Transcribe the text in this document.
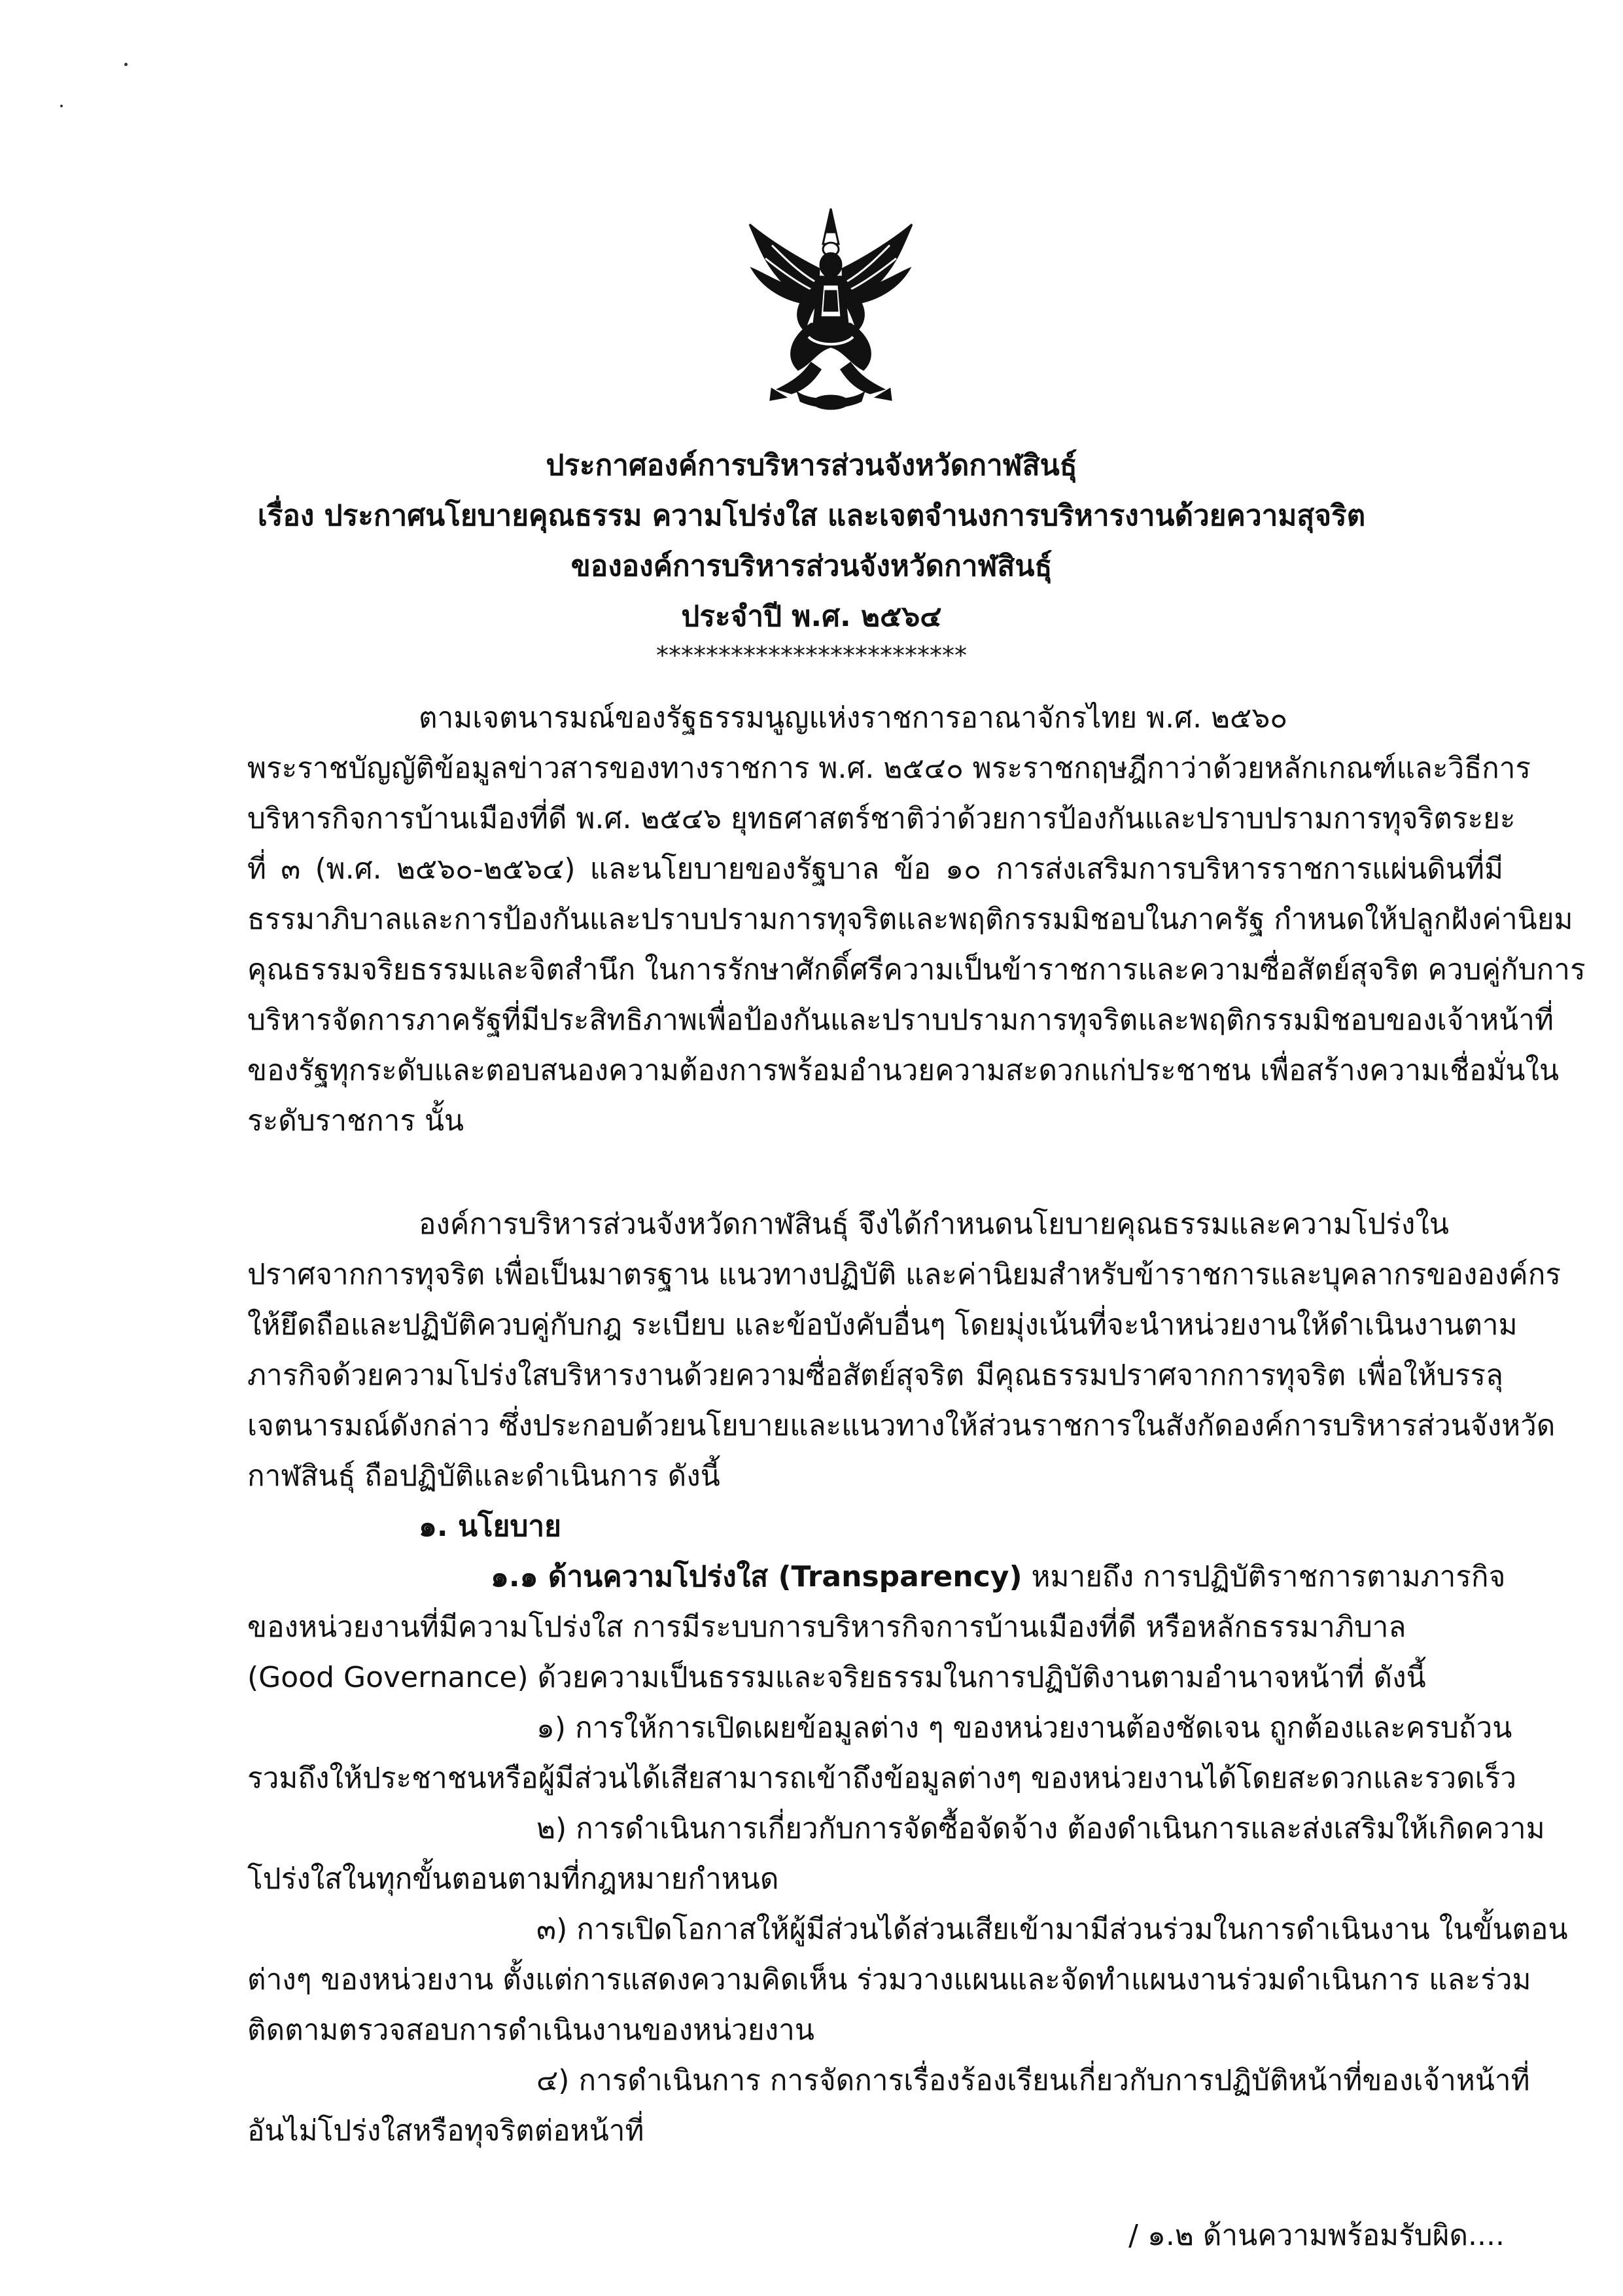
ประกาศองค์การบริหารส่วนจังหวัดกาฬสินธุ์
เรื่อง ประกาศนโยบายคุณธรรม ความโปร่งใส และเจตจำนงการบริหารงานด้วยความสุจริต
ขององค์การบริหารส่วนจังหวัดกาฬสินธุ์
ประจำปี พ.ศ. ๒๕๖๔
*************************
ตามเจตนารมณ์ของรัฐธรรมนูญแห่งราชการอาณาจักรไทย พ.ศ. ๒๕๖๐
พระราชบัญญัติข้อมูลข่าวสารของทางราชการ พ.ศ. ๒๕๔๐ พระราชกฤษฎีกาว่าด้วยหลักเกณฑ์และวิธีการ
บริหารกิจการบ้านเมืองที่ดี พ.ศ. ๒๕๔๖ ยุทธศาสตร์ชาติว่าด้วยการป้องกันและปราบปรามการทุจริตระยะ
ที่ ๓ (พ.ศ. ๒๕๖๐-๒๕๖๔) และนโยบายของรัฐบาล ข้อ ๑๐ การส่งเสริมการบริหารราชการแผ่นดินที่มี
ธรรมาภิบาลและการป้องกันและปราบปรามการทุจริตและพฤติกรรมมิชอบในภาครัฐ กำหนดให้ปลูกฝังค่านิยม
คุณธรรมจริยธรรมและจิตสำนึก ในการรักษาศักดิ์ศรีความเป็นข้าราชการและความซื่อสัตย์สุจริต ควบคู่กับการ
บริหารจัดการภาครัฐที่มีประสิทธิภาพเพื่อป้องกันและปราบปรามการทุจริตและพฤติกรรมมิชอบของเจ้าหน้าที่
ของรัฐทุกระดับและตอบสนองความต้องการพร้อมอำนวยความสะดวกแก่ประชาชน เพื่อสร้างความเชื่อมั่นใน
ระดับราชการ นั้น
องค์การบริหารส่วนจังหวัดกาฬสินธุ์ จึงได้กำหนดนโยบายคุณธรรมและความโปร่งใน
ปราศจากการทุจริต เพื่อเป็นมาตรฐาน แนวทางปฏิบัติ และค่านิยมสำหรับข้าราชการและบุคลากรขององค์กร
ให้ยึดถือและปฏิบัติควบคู่กับกฎ ระเบียบ และข้อบังคับอื่นๆ โดยมุ่งเน้นที่จะนำหน่วยงานให้ดำเนินงานตาม
ภารกิจด้วยความโปร่งใสบริหารงานด้วยความซื่อสัตย์สุจริต มีคุณธรรมปราศจากการทุจริต เพื่อให้บรรลุ
เจตนารมณ์ดังกล่าว ซึ่งประกอบด้วยนโยบายและแนวทางให้ส่วนราชการในสังกัดองค์การบริหารส่วนจังหวัด
กาฬสินธุ์ ถือปฏิบัติและดำเนินการ ดังนี้
๑. นโยบาย
๑.๑ ด้านความโปร่งใส (Transparency) หมายถึง การปฏิบัติราชการตามภารกิจ
ของหน่วยงานที่มีความโปร่งใส การมีระบบการบริหารกิจการบ้านเมืองที่ดี หรือหลักธรรมาภิบาล
(Good Governance) ด้วยความเป็นธรรมและจริยธรรมในการปฏิบัติงานตามอำนาจหน้าที่ ดังนี้
๑) การให้การเปิดเผยข้อมูลต่าง ๆ ของหน่วยงานต้องชัดเจน ถูกต้องและครบถ้วน
รวมถึงให้ประชาชนหรือผู้มีส่วนได้เสียสามารถเข้าถึงข้อมูลต่างๆ ของหน่วยงานได้โดยสะดวกและรวดเร็ว
๒) การดำเนินการเกี่ยวกับการจัดซื้อจัดจ้าง ต้องดำเนินการและส่งเสริมให้เกิดความ
โปร่งใสในทุกขั้นตอนตามที่กฎหมายกำหนด
๓) การเปิดโอกาสให้ผู้มีส่วนได้ส่วนเสียเข้ามามีส่วนร่วมในการดำเนินงาน ในขั้นตอน
ต่างๆ ของหน่วยงาน ตั้งแต่การแสดงความคิดเห็น ร่วมวางแผนและจัดทำแผนงานร่วมดำเนินการ และร่วม
ติดตามตรวจสอบการดำเนินงานของหน่วยงาน
๔) การดำเนินการ การจัดการเรื่องร้องเรียนเกี่ยวกับการปฏิบัติหน้าที่ของเจ้าหน้าที่
อันไม่โปร่งใสหรือทุจริตต่อหน้าที่
/ ๑.๒ ด้านความพร้อมรับผิด....
